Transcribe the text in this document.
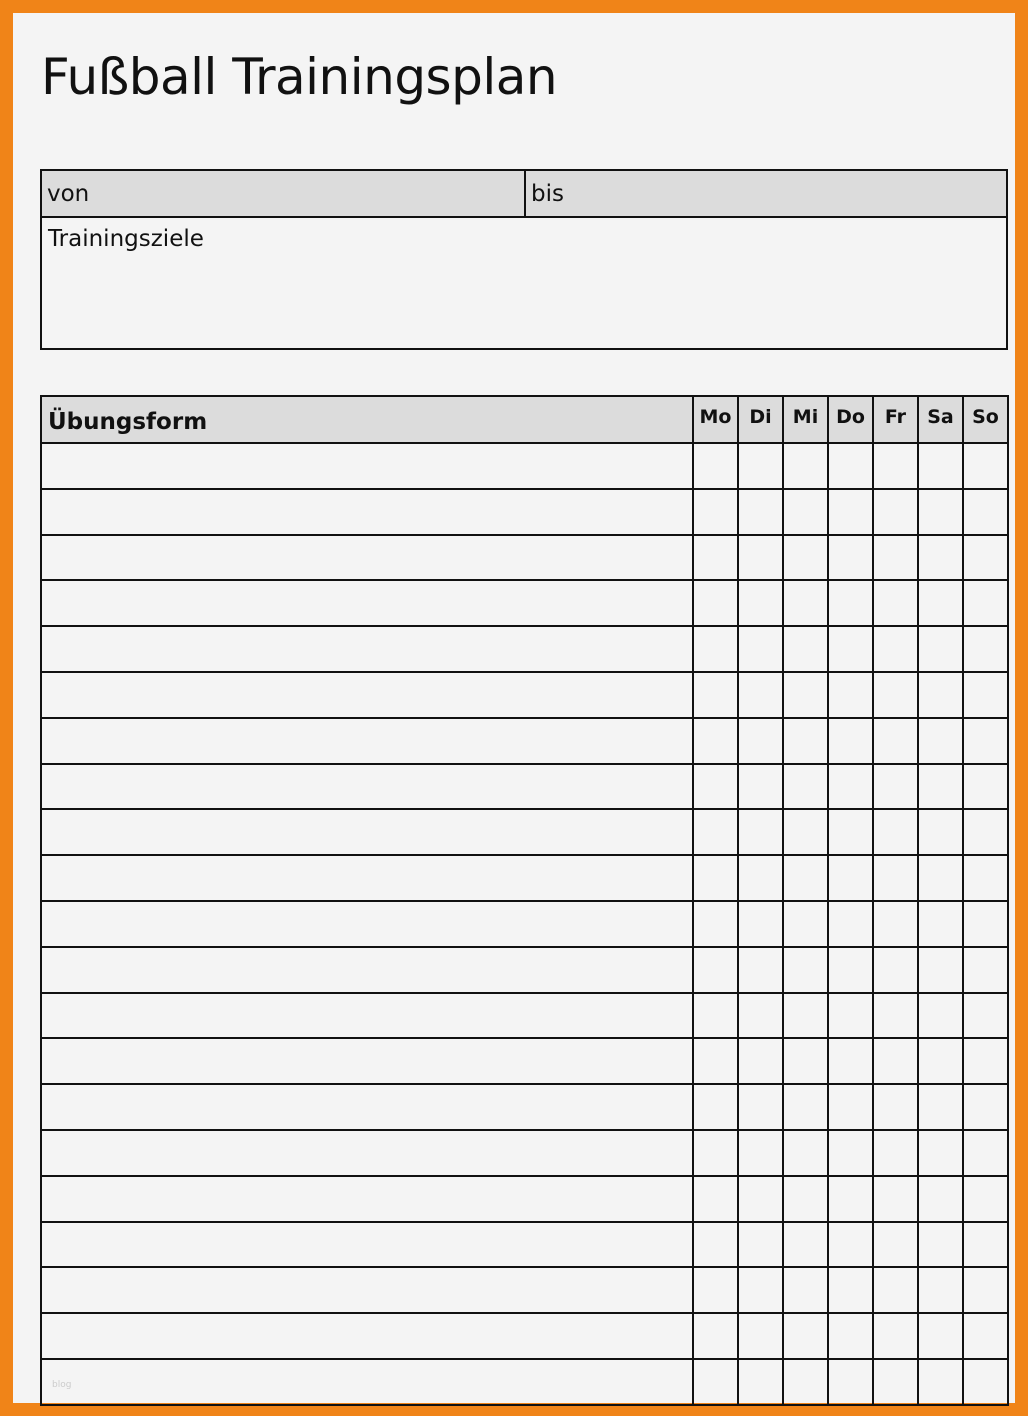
Fußball Trainingsplan
von	bis
Trainingsziele
Übungsform	Mo	Di	Mi	Do	Fr	Sa	So

blog							
